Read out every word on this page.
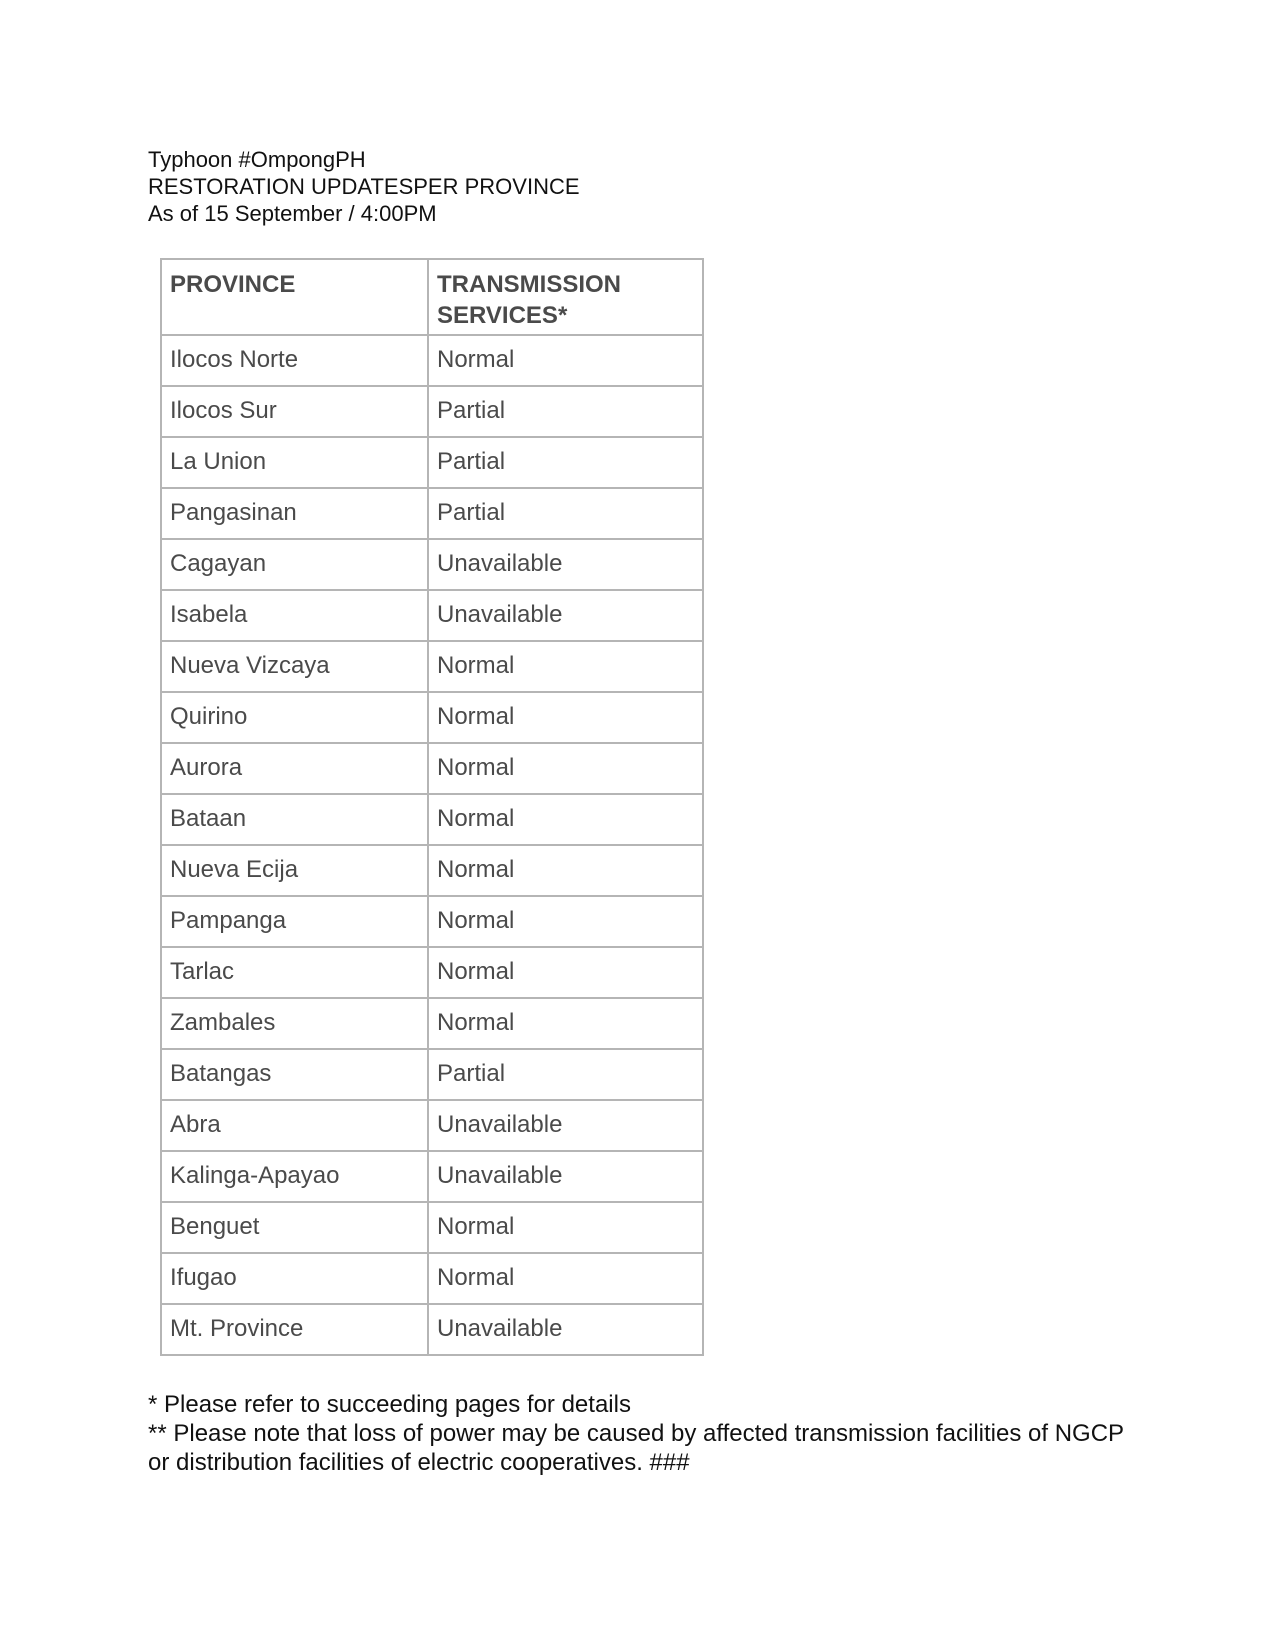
Typhoon #OmpongPH
RESTORATION UPDATESPER PROVINCE
As of 15 September / 4:00PM
PROVINCE	TRANSMISSION SERVICES*
Ilocos Norte	Normal
Ilocos Sur	Partial
La Union	Partial
Pangasinan	Partial
Cagayan	Unavailable
Isabela	Unavailable
Nueva Vizcaya	Normal
Quirino	Normal
Aurora	Normal
Bataan	Normal
Nueva Ecija	Normal
Pampanga	Normal
Tarlac	Normal
Zambales	Normal
Batangas	Partial
Abra	Unavailable
Kalinga-Apayao	Unavailable
Benguet	Normal
Ifugao	Normal
Mt. Province	Unavailable
* Please refer to succeeding pages for details
** Please note that loss of power may be caused by affected transmission facilities of NGCP or distribution facilities of electric cooperatives. ###
